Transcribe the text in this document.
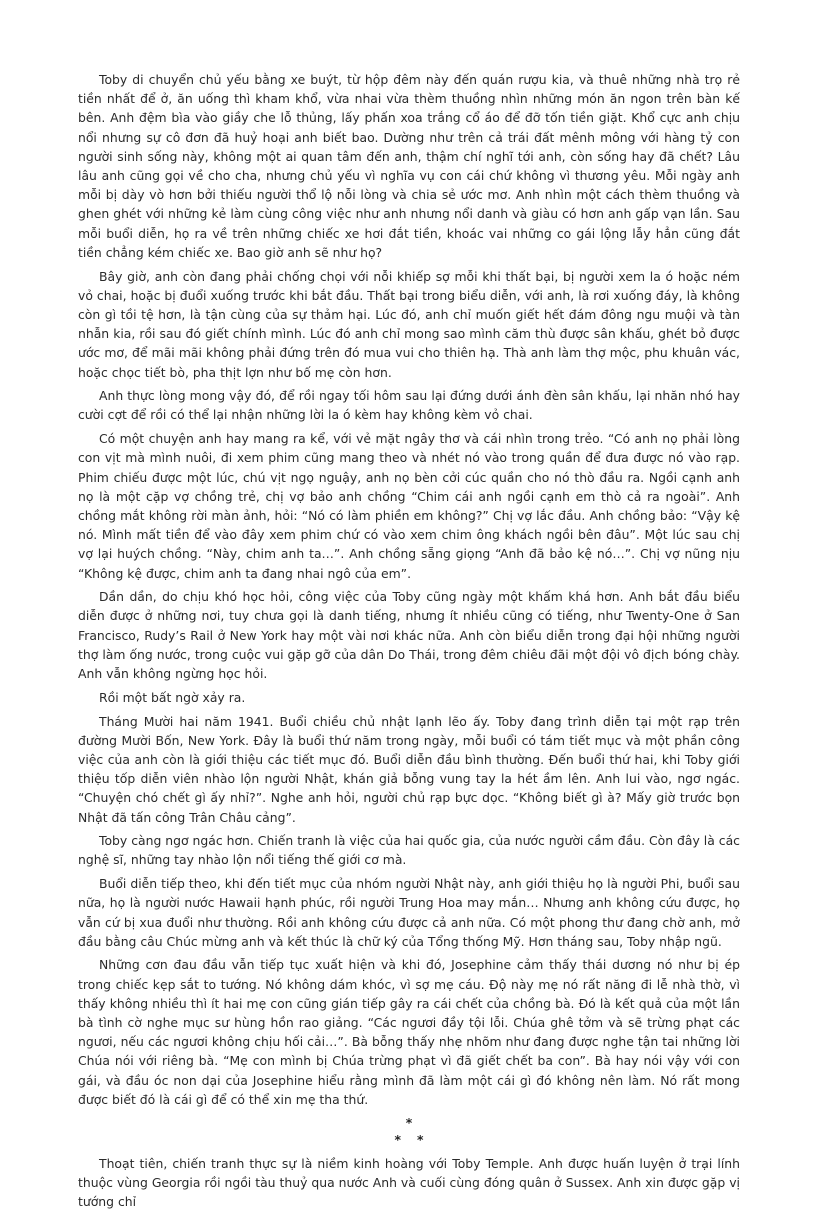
Toby di chuyển chủ yếu bằng xe buýt, từ hộp đêm này đến quán rượu kia, và thuê những nhà trọ rẻ tiền nhất để ở, ăn uống thì kham khổ, vừa nhai vừa thèm thuồng nhìn những món ăn ngon trên bàn kế bên. Anh đệm bìa vào giầy che lỗ thủng, lấy phấn xoa trắng cổ áo để đỡ tốn tiền giặt. Khổ cực anh chịu nổi nhưng sự cô đơn đã huỷ hoại anh biết bao. Dường như trên cả trái đất mênh mông với hàng tỷ con người sinh sống này, không một ai quan tâm đến anh, thậm chí nghĩ tới anh, còn sống hay đã chết? Lâu lâu anh cũng gọi về cho cha, nhưng chủ yếu vì nghĩa vụ con cái chứ không vì thương yêu. Mỗi ngày anh mỗi bị dày vò hơn bởi thiếu người thổ lộ nỗi lòng và chia sẻ ước mơ. Anh nhìn một cách thèm thuồng và ghen ghét với những kẻ làm cùng công việc như anh nhưng nổi danh và giàu có hơn anh gấp vạn lần. Sau mỗi buổi diễn, họ ra về trên những chiếc xe hơi đắt tiền, khoác vai những co gái lộng lẫy hẳn cũng đắt tiền chẳng kém chiếc xe. Bao giờ anh sẽ như họ?

Bây giờ, anh còn đang phải chống chọi với nỗi khiếp sợ mỗi khi thất bại, bị người xem la ó hoặc ném vỏ chai, hoặc bị đuổi xuống trước khi bắt đầu. Thất bại trong biểu diễn, với anh, là rơi xuống đáy, là không còn gì tồi tệ hơn, là tận cùng của sự thảm hại. Lúc đó, anh chỉ muốn giết hết đám đông ngu muội và tàn nhẫn kia, rồi sau đó giết chính mình. Lúc đó anh chỉ mong sao mình căm thù được sân khấu, ghét bỏ được ước mơ, để mãi mãi không phải đứng trên đó mua vui cho thiên hạ. Thà anh làm thợ mộc, phu khuân vác, hoặc chọc tiết bò, pha thịt lợn như bố mẹ còn hơn.

Anh thực lòng mong vậy đó, để rồi ngay tối hôm sau lại đứng dưới ánh đèn sân khấu, lại nhăn nhó hay cười cợt để rồi có thể lại nhận những lời la ó kèm hay không kèm vỏ chai.

Có một chuyện anh hay mang ra kể, với vẻ mặt ngây thơ và cái nhìn trong trẻo. “Có anh nọ phải lòng con vịt mà mình nuôi, đi xem phim cũng mang theo và nhét nó vào trong quần để đưa được nó vào rạp. Phim chiếu được một lúc, chú vịt ngọ nguậy, anh nọ bèn cởi cúc quần cho nó thò đầu ra. Ngồi cạnh anh nọ là một cặp vợ chồng trẻ, chị vợ bảo anh chồng “Chim cái anh ngồi cạnh em thò cả ra ngoài”. Anh chồng mắt không rời màn ảnh, hỏi: “Nó có làm phiền em không?” Chị vợ lắc đầu. Anh chồng bảo: “Vậy kệ nó. Mình mất tiền để vào đây xem phim chứ có vào xem chim ông khách ngồi bên đâu”. Một lúc sau chị vợ lại huých chồng. “Này, chim anh ta…”. Anh chồng sẵng giọng “Anh đã bảo kệ nó…”. Chị vợ nũng nịu “Không kệ được, chim anh ta đang nhai ngô của em”.

Dần dần, do chịu khó học hỏi, công việc của Toby cũng ngày một khấm khá hơn. Anh bắt đầu biểu diễn được ở những nơi, tuy chưa gọi là danh tiếng, nhưng ít nhiều cũng có tiếng, như Twenty-One ở San Francisco, Rudy’s Rail ở New York hay một vài nơi khác nữa. Anh còn biểu diễn trong đại hội những người thợ làm ống nước, trong cuộc vui gặp gỡ của dân Do Thái, trong đêm chiêu đãi một đội vô địch bóng chày. Anh vẫn không ngừng học hỏi.

Rồi một bất ngờ xảy ra.

Tháng Mười hai năm 1941. Buổi chiều chủ nhật lạnh lẽo ấy. Toby đang trình diễn tại một rạp trên đường Mười Bốn, New York. Đây là buổi thứ năm trong ngày, mỗi buổi có tám tiết mục và một phần công việc của anh còn là giới thiệu các tiết mục đó. Buổi diễn đầu bình thường. Đến buổi thứ hai, khi Toby giới thiệu tốp diễn viên nhào lộn người Nhật, khán giả bỗng vung tay la hét ầm lên. Anh lui vào, ngơ ngác. “Chuyện chó chết gì ấy nhỉ?”. Nghe anh hỏi, người chủ rạp bực dọc. “Không biết gì à? Mấy giờ trước bọn Nhật đã tấn công Trân Châu cảng”.

Toby càng ngơ ngác hơn. Chiến tranh là việc của hai quốc gia, của nước người cầm đầu. Còn đây là các nghệ sĩ, những tay nhào lộn nổi tiếng thế giới cơ mà.

Buổi diễn tiếp theo, khi đến tiết mục của nhóm người Nhật này, anh giới thiệu họ là người Phi, buổi sau nữa, họ là người nước Hawaii hạnh phúc, rồi người Trung Hoa may mắn… Nhưng anh không cứu được, họ vẫn cứ bị xua đuổi như thường. Rồi anh không cứu được cả anh nữa. Có một phong thư đang chờ anh, mở đầu bằng câu Chúc mừng anh và kết thúc là chữ ký của Tổng thống Mỹ. Hơn tháng sau, Toby nhập ngũ.

Những cơn đau đầu vẫn tiếp tục xuất hiện và khi đó, Josephine cảm thấy thái dương nó như bị ép trong chiếc kẹp sắt to tướng. Nó không dám khóc, vì sợ mẹ cáu. Độ này mẹ nó rất năng đi lễ nhà thờ, vì thấy không nhiều thì ít hai mẹ con cũng gián tiếp gây ra cái chết của chồng bà. Đó là kết quả của một lần bà tình cờ nghe mục sư hùng hồn rao giảng. “Các ngươi đầy tội lỗi. Chúa ghê tởm và sẽ trừng phạt các ngươi, nếu các ngươi không chịu hối cải…”. Bà bỗng thấy nhẹ nhõm như đang được nghe tận tai những lời Chúa nói với riêng bà. “Mẹ con mình bị Chúa trừng phạt vì đã giết chết ba con”. Bà hay nói vậy với con gái, và đầu óc non dại của Josephine hiểu rằng mình đã làm một cái gì đó không nên làm. Nó rất mong được biết đó là cái gì để có thể xin mẹ tha thứ.

*

* *

Thoạt tiên, chiến tranh thực sự là niềm kinh hoàng với Toby Temple. Anh được huấn luyện ở trại lính thuộc vùng Georgia rồi ngồi tàu thuỷ qua nước Anh và cuối cùng đóng quân ở Sussex. Anh xin được gặp vị tướng chỉ
